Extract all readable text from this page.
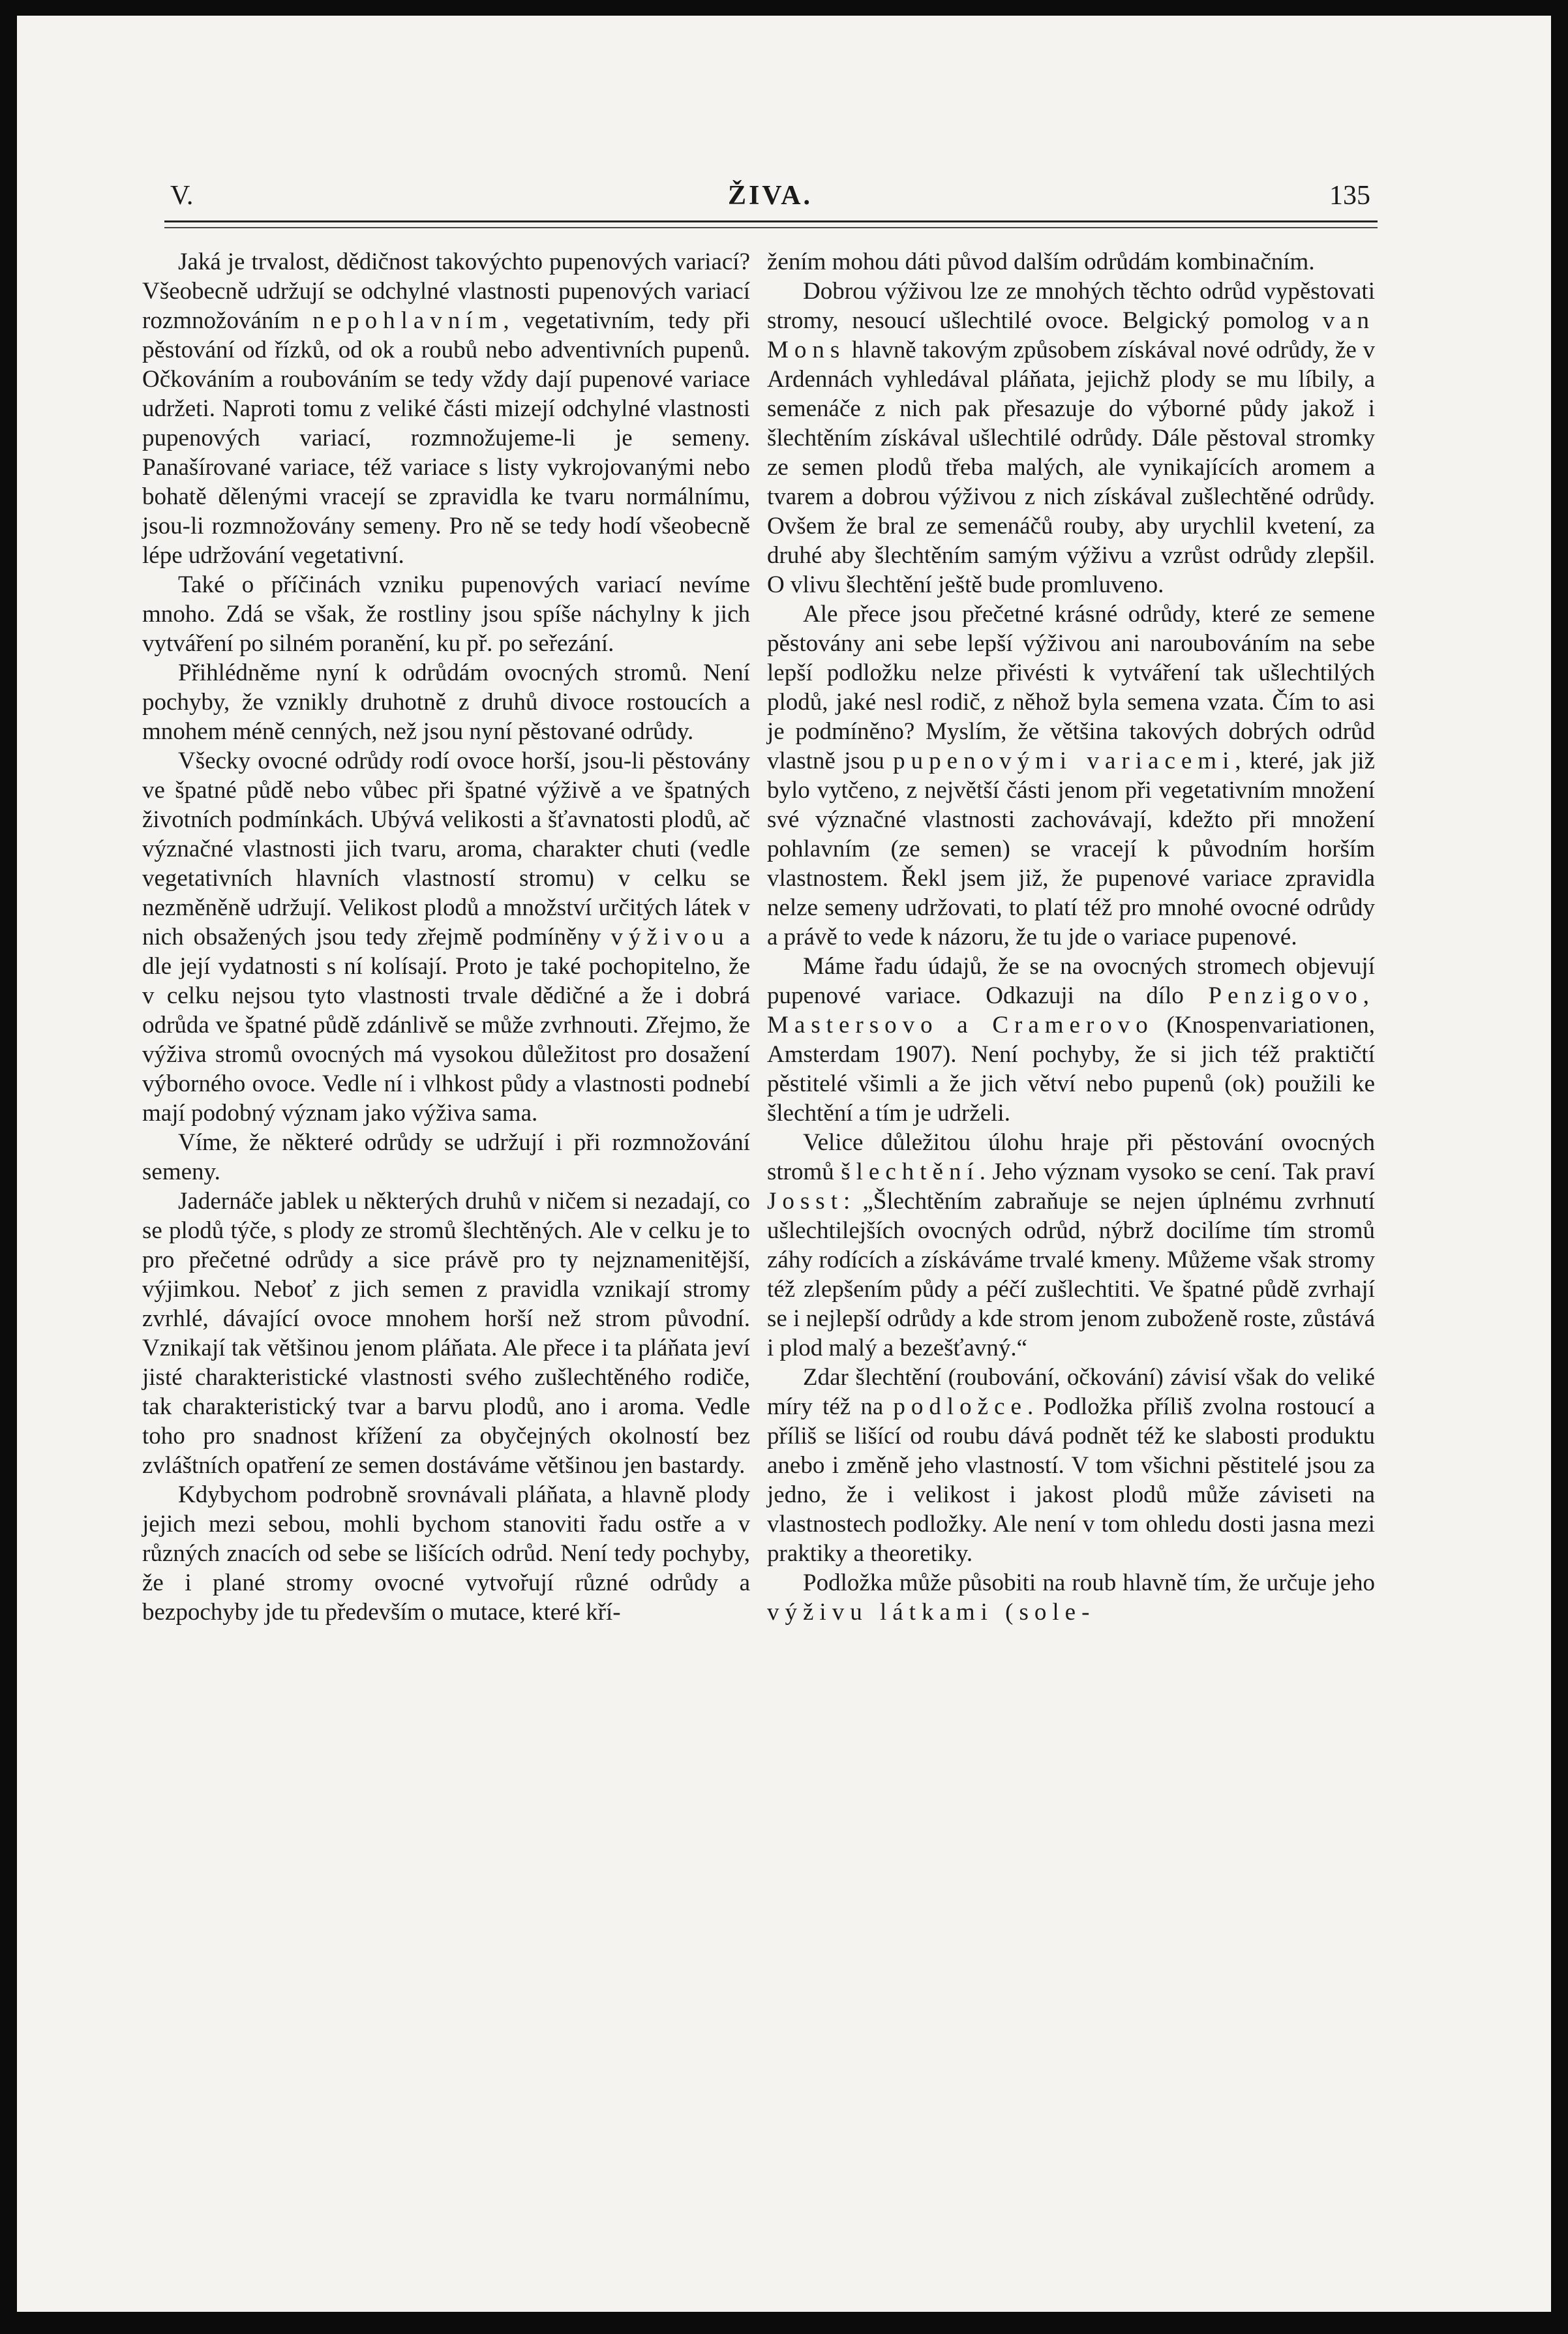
V.	ŽIVA.	135

Jaká je trvalost, dědičnost takovýchto pupenových variací? Všeobecně udržují se odchylné vlastnosti pupenových variací rozmnožováním nepohlavním, vegetativním, tedy při pěstování od řízků, od ok a roubů nebo adventivních pupenů. Očkováním a roubováním se tedy vždy dají pupenové variace udržeti. Naproti tomu z veliké části mizejí odchylné vlastnosti pupenových variací, rozmnožujeme-li je semeny. Panašírované variace, též variace s listy vykrojovanými nebo bohatě dělenými vracejí se zpravidla ke tvaru normálnímu, jsou-li rozmnožovány semeny. Pro ně se tedy hodí všeobecně lépe udržování vegetativní.

Také o příčinách vzniku pupenových variací nevíme mnoho. Zdá se však, že rostliny jsou spíše náchylny k jich vytváření po silném poranění, ku př. po seřezání.

Přihlédněme nyní k odrůdám ovocných stromů. Není pochyby, že vznikly druhotně z druhů divoce rostoucích a mnohem méně cenných, než jsou nyní pěstované odrůdy.

Všecky ovocné odrůdy rodí ovoce horší, jsou-li pěstovány ve špatné půdě nebo vůbec při špatné výživě a ve špatných životních podmínkách. Ubývá velikosti a šťavnatosti plodů, ač význačné vlastnosti jich tvaru, aroma, charakter chuti (vedle vegetativních hlavních vlastností stromu) v celku se nezměněně udržují. Velikost plodů a množství určitých látek v nich obsažených jsou tedy zřejmě podmíněny výživou a dle její vydatnosti s ní kolísají. Proto je také pochopitelno, že v celku nejsou tyto vlastnosti trvale dědičné a že i dobrá odrůda ve špatné půdě zdánlivě se může zvrhnouti. Zřejmo, že výživa stromů ovocných má vysokou důležitost pro dosažení výborného ovoce. Vedle ní i vlhkost půdy a vlastnosti podnebí mají podobný význam jako výživa sama.

Víme, že některé odrůdy se udržují i při rozmnožování semeny.

Jadernáče jablek u některých druhů v ničem si nezadají, co se plodů týče, s plody ze stromů šlechtěných. Ale v celku je to pro přečetné odrůdy a sice právě pro ty nejznamenitější, výjimkou. Neboť z jich semen z pravidla vznikají stromy zvrhlé, dávající ovoce mnohem horší než strom původní. Vznikají tak většinou jenom pláňata. Ale přece i ta pláňata jeví jisté charakteristické vlastnosti svého zušlechtěného rodiče, tak charakteristický tvar a barvu plodů, ano i aroma. Vedle toho pro snadnost křížení za obyčejných okolností bez zvláštních opatření ze semen dostáváme většinou jen bastardy.

Kdybychom podrobně srovnávali pláňata, a hlavně plody jejich mezi sebou, mohli bychom stanoviti řadu ostře a v různých znacích od sebe se lišících odrůd. Není tedy pochyby, že i plané stromy ovocné vytvořují různé odrůdy a bezpochyby jde tu především o mutace, které kří-

žením mohou dáti původ dalším odrůdám kombinačním.

Dobrou výživou lze ze mnohých těchto odrůd vypěstovati stromy, nesoucí ušlechtilé ovoce. Belgický pomolog van Mons hlavně takovým způsobem získával nové odrůdy, že v Ardennách vyhledával pláňata, jejichž plody se mu líbily, a semenáče z nich pak přesazuje do výborné půdy jakož i šlechtěním získával ušlechtilé odrůdy. Dále pěstoval stromky ze semen plodů třeba malých, ale vynikajících aromem a tvarem a dobrou výživou z nich získával zušlechtěné odrůdy. Ovšem že bral ze semenáčů rouby, aby urychlil kvetení, za druhé aby šlechtěním samým výživu a vzrůst odrůdy zlepšil. O vlivu šlechtění ještě bude promluveno.

Ale přece jsou přečetné krásné odrůdy, které ze semene pěstovány ani sebe lepší výživou ani naroubováním na sebe lepší podložku nelze přivésti k vytváření tak ušlechtilých plodů, jaké nesl rodič, z něhož byla semena vzata. Čím to asi je podmíněno? Myslím, že většina takových dobrých odrůd vlastně jsou pupenovými variacemi, které, jak již bylo vytčeno, z největší části jenom při vegetativním množení své význačné vlastnosti zachovávají, kdežto při množení pohlavním (ze semen) se vracejí k původním horším vlastnostem. Řekl jsem již, že pupenové variace zpravidla nelze semeny udržovati, to platí též pro mnohé ovocné odrůdy a právě to vede k názoru, že tu jde o variace pupenové.

Máme řadu údajů, že se na ovocných stromech objevují pupenové variace. Odkazuji na dílo Penzigovo, Mastersovo a Cramerovo (Knospenvariationen, Amsterdam 1907). Není pochyby, že si jich též praktičtí pěstitelé všimli a že jich větví nebo pupenů (ok) použili ke šlechtění a tím je udrželi.

Velice důležitou úlohu hraje při pěstování ovocných stromů šlechtění. Jeho význam vysoko se cení. Tak praví Josst: „Šlechtěním zabraňuje se nejen úplnému zvrhnutí ušlechtilejších ovocných odrůd, nýbrž docilíme tím stromů záhy rodících a získáváme trvalé kmeny. Můžeme však stromy též zlepšením půdy a péčí zušlechtiti. Ve špatné půdě zvrhají se i nejlepší odrůdy a kde strom jenom zuboženě roste, zůstává i plod malý a bezešťavný.“

Zdar šlechtění (roubování, očkování) závisí však do veliké míry též na podložce. Podložka příliš zvolna rostoucí a příliš se lišící od roubu dává podnět též ke slabosti produktu anebo i změně jeho vlastností. V tom všichni pěstitelé jsou za jedno, že i velikost i jakost plodů může záviseti na vlastnostech podložky. Ale není v tom ohledu dosti jasna mezi praktiky a theoretiky.

Podložka může působiti na roub hlavně tím, že určuje jeho výživu látkami (sole-
